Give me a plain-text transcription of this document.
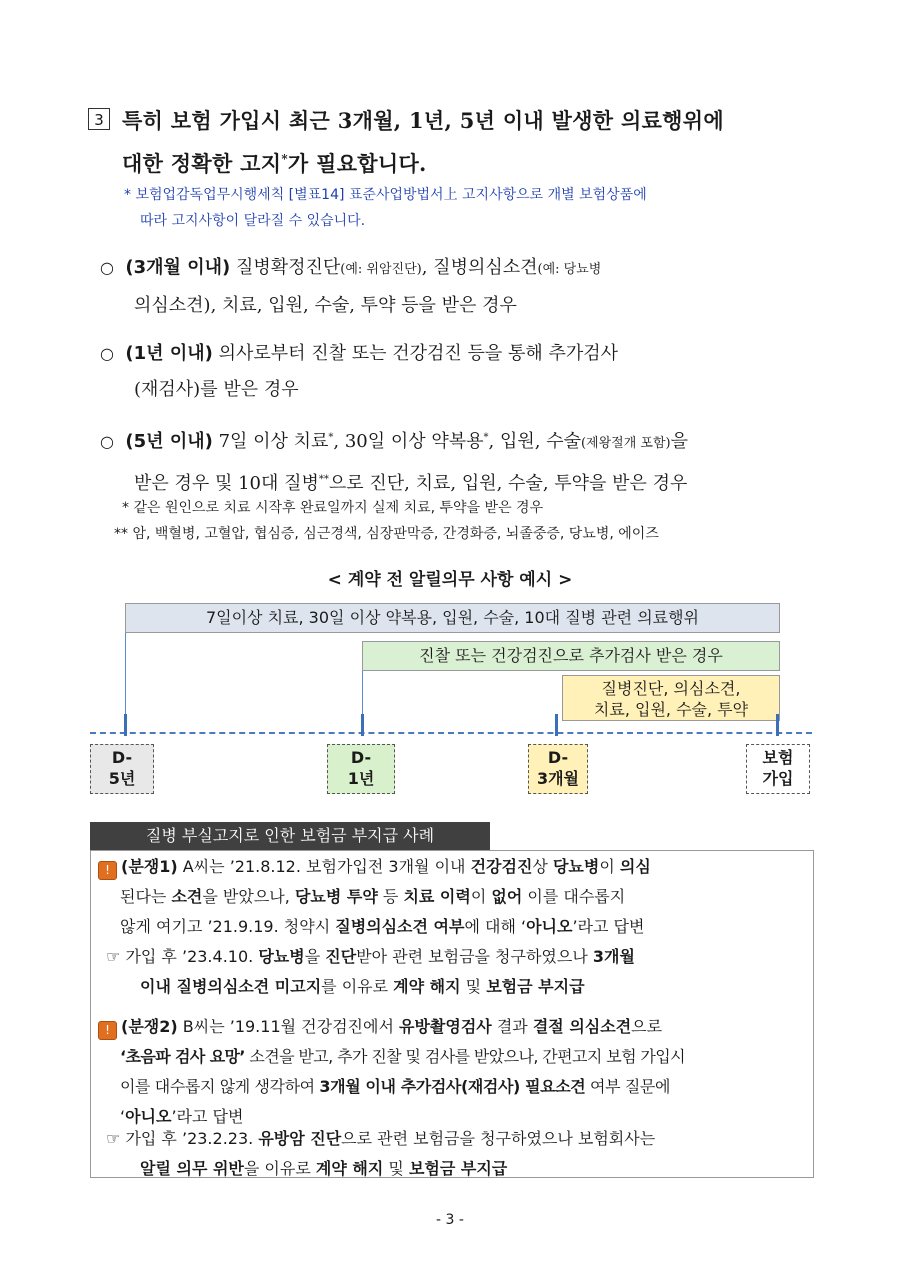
3 특히 보험 가입시 최근 3개월, 1년, 5년 이내 발생한 의료행위에
대한 정확한 고지*가 필요합니다.
* 보험업감독업무시행세칙 [별표14] 표준사업방법서上 고지사항으로 개별 보험상품에
따라 고지사항이 달라질 수 있습니다.
○ (3개월 이내) 질병확정진단(예: 위암진단), 질병의심소견(예: 당뇨병
의심소견), 치료, 입원, 수술, 투약 등을 받은 경우
○ (1년 이내) 의사로부터 진찰 또는 건강검진 등을 통해 추가검사
(재검사)를 받은 경우
○ (5년 이내) 7일 이상 치료*, 30일 이상 약복용*, 입원, 수술(제왕절개 포함)을
받은 경우 및 10대 질병**으로 진단, 치료, 입원, 수술, 투약을 받은 경우
* 같은 원인으로 치료 시작후 완료일까지 실제 치료, 투약을 받은 경우
** 암, 백혈병, 고혈압, 협심증, 심근경색, 심장판막증, 간경화증, 뇌졸중증, 당뇨병, 에이즈
< 계약 전 알릴의무 사항 예시 >
7일이상 치료, 30일 이상 약복용, 입원, 수술, 10대 질병 관련 의료행위
진찰 또는 건강검진으로 추가검사 받은 경우
질병진단, 의심소견,
치료, 입원, 수술, 투약
D-
5년
D-
1년
D-
3개월
보험
가입
질병 부실고지로 인한 보험금 부지급 사례
! (분쟁1) A씨는 ’21.8.12. 보험가입전 3개월 이내 건강검진상 당뇨병이 의심
된다는 소견을 받았으나, 당뇨병 투약 등 치료 이력이 없어 이를 대수롭지
않게 여기고 ’21.9.19. 청약시 질병의심소견 여부에 대해 ‘아니오’라고 답변
☞ 가입 후 ’23.4.10. 당뇨병을 진단받아 관련 보험금을 청구하였으나 3개월
이내 질병의심소견 미고지를 이유로 계약 해지 및 보험금 부지급
! (분쟁2) B씨는 ’19.11월 건강검진에서 유방촬영검사 결과 결절 의심소견으로
‘초음파 검사 요망’ 소견을 받고, 추가 진찰 및 검사를 받았으나, 간편고지 보험 가입시
이를 대수롭지 않게 생각하여 3개월 이내 추가검사(재검사) 필요소견 여부 질문에
‘아니오’라고 답변
☞ 가입 후 ’23.2.23. 유방암 진단으로 관련 보험금을 청구하였으나 보험회사는
알릴 의무 위반을 이유로 계약 해지 및 보험금 부지급
- 3 -
